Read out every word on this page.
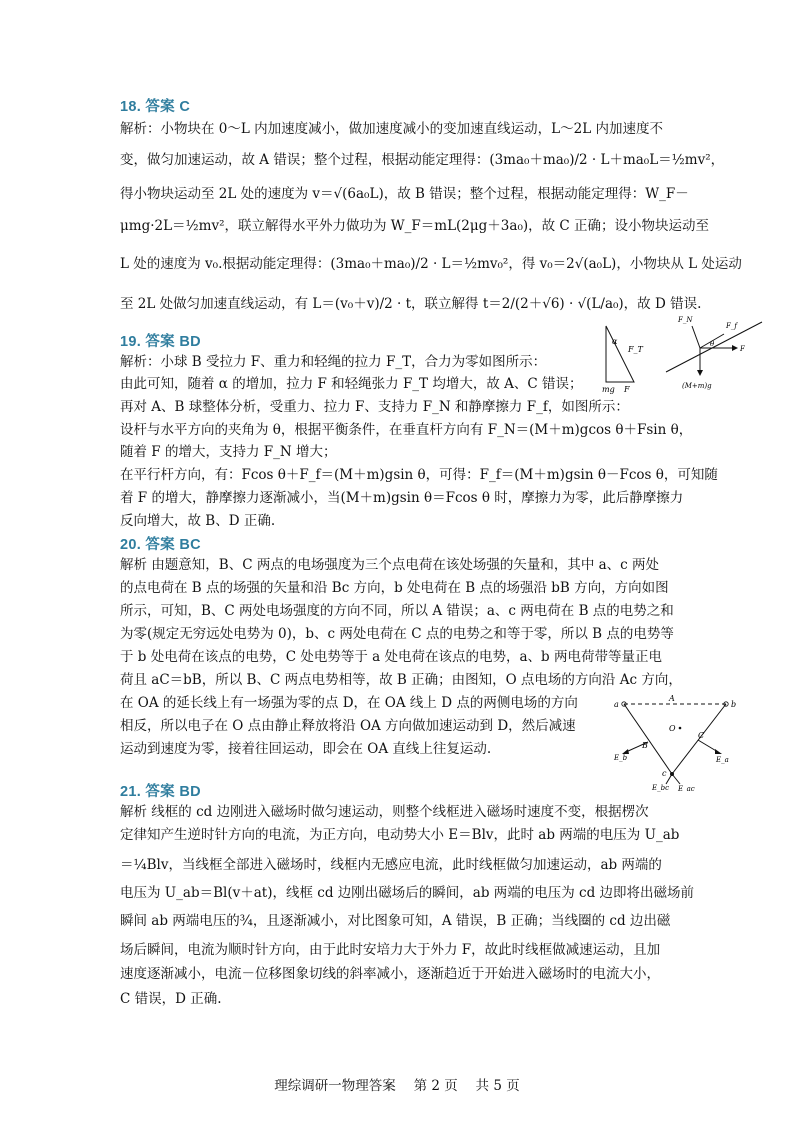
18. 答案 C
解析：小物块在 0～L 内加速度减小，做加速度减小的变加速直线运动，L～2L 内加速度不
变，做匀加速运动，故 A 错误；整个过程，根据动能定理得：(3ma₀＋ma₀)/2 · L＋ma₀L＝½mv²，
得小物块运动至 2L 处的速度为 v＝√(6a₀L)，故 B 错误；整个过程，根据动能定理得：W_F－
μmg·2L＝½mv²，联立解得水平外力做功为 W_F＝mL(2μg＋3a₀)，故 C 正确；设小物块运动至
L 处的速度为 v₀.根据动能定理得：(3ma₀＋ma₀)/2 · L＝½mv₀²，得 v₀＝2√(a₀L)，小物块从 L 处运动
至 2L 处做匀加速直线运动，有 L＝(v₀＋v)/2 · t，联立解得 t＝2/(2＋√6) · √(L/a₀)，故 D 错误.
19. 答案 BD
解析：小球 B 受拉力 F、重力和轻绳的拉力 F_T，合力为零如图所示：
由此可知，随着 α 的增加，拉力 F 和轻绳张力 F_T 均增大，故 A、C 错误；
再对 A、B 球整体分析，受重力、拉力 F、支持力 F_N 和静摩擦力 F_f，如图所示：
设杆与水平方向的夹角为 θ，根据平衡条件，在垂直杆方向有 F_N＝(M＋m)gcos θ＋Fsin θ，
随着 F 的增大，支持力 F_N 增大；
在平行杆方向，有：Fcos θ＋F_f＝(M＋m)gsin θ，可得：F_f＝(M＋m)gsin θ－Fcos θ，可知随
着 F 的增大，静摩擦力逐渐减小，当(M＋m)gsin θ＝Fcos θ 时，摩擦力为零，此后静摩擦力
反向增大，故 B、D 正确.
α
F_T
mg F
F_N
F_f
θ
F
(M+m)g
20. 答案 BC
解析 由题意知，B、C 两点的电场强度为三个点电荷在该处场强的矢量和，其中 a、c 两处
的点电荷在 B 点的场强的矢量和沿 Bc 方向，b 处电荷在 B 点的场强沿 bB 方向，方向如图
所示，可知，B、C 两处电场强度的方向不同，所以 A 错误；a、c 两电荷在 B 点的电势之和
为零(规定无穷远处电势为 0)，b、c 两处电荷在 C 点的电势之和等于零，所以 B 点的电势等
于 b 处电荷在该点的电势，C 处电势等于 a 处电荷在该点的电势，a、b 两电荷带等量正电
荷且 aC＝bB，所以 B、C 两点电势相等，故 B 正确；由图知，O 点电场的方向沿 Ac 方向，
在 OA 的延长线上有一场强为零的点 D，在 OA 线上 D 点的两侧电场的方向
相反，所以电子在 O 点由静止释放将沿 OA 方向做加速运动到 D，然后减速
运动到速度为零，接着往回运动，即会在 OA 直线上往复运动.
a
A
b
O
B
C
c
E_b	E_a
E_bc E_ac
21. 答案 BD
解析 线框的 cd 边刚进入磁场时做匀速运动，则整个线框进入磁场时速度不变，根据楞次
定律知产生逆时针方向的电流，为正方向，电动势大小 E＝Blv，此时 ab 两端的电压为 U_ab
＝¼Blv，当线框全部进入磁场时，线框内无感应电流，此时线框做匀加速运动，ab 两端的
电压为 U_ab＝Bl(v＋at)，线框 cd 边刚出磁场后的瞬间，ab 两端的电压为 cd 边即将出磁场前
瞬间 ab 两端电压的¾，且逐渐减小，对比图象可知，A 错误，B 正确；当线圈的 cd 边出磁
场后瞬间，电流为顺时针方向，由于此时安培力大于外力 F，故此时线框做减速运动，且加
速度逐渐减小，电流－位移图象切线的斜率减小，逐渐趋近于开始进入磁场时的电流大小，
C 错误，D 正确.
理综调研一物理答案　 第 2 页　 共 5 页
